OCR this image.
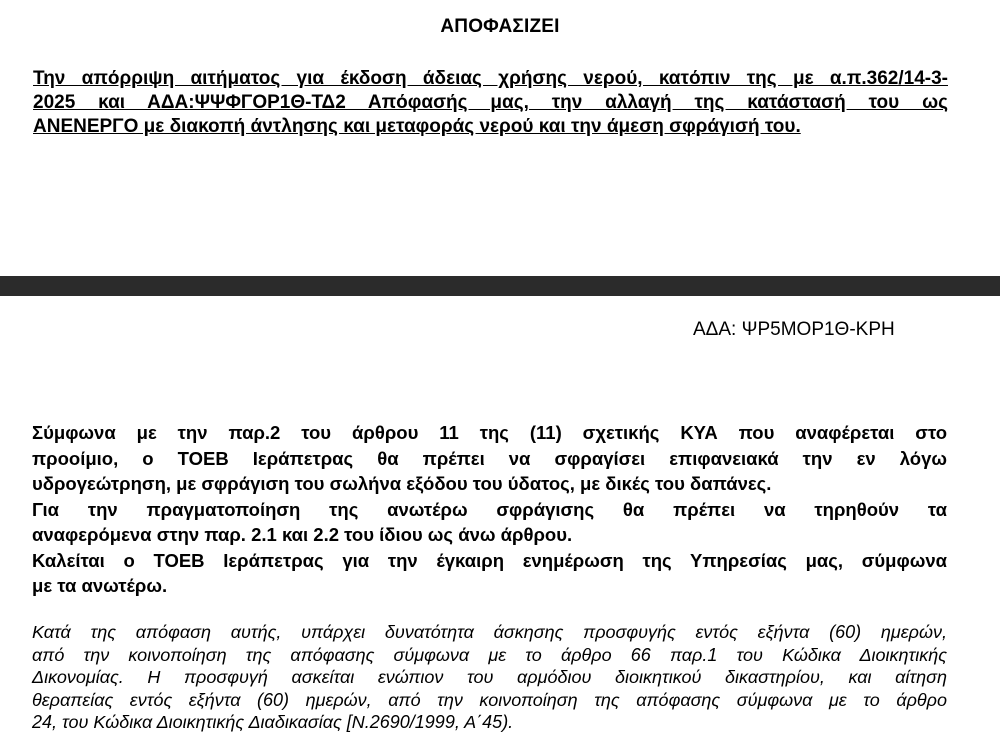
ΑΠΟΦΑΣΙΖΕΙ
Την απόρριψη αιτήματος για έκδοση άδειας χρήσης νερού, κατόπιν της με α.π.362/14-3-
2025 και ΑΔΑ:ΨΨΦΓΟΡ1Θ-ΤΔ2 Απόφασής μας, την αλλαγή της κατάστασή του ως
ΑΝΕΝΕΡΓΟ με διακοπή άντλησης και μεταφοράς νερού και την άμεση σφράγισή του.
ΑΔΑ: ΨΡ5ΜΟΡ1Θ-ΚΡΗ
Σύμφωνα με την παρ.2 του άρθρου 11 της (11) σχετικής ΚΥΑ που αναφέρεται στο
προοίμιο, ο ΤΟΕΒ Ιεράπετρας θα πρέπει να σφραγίσει επιφανειακά την εν λόγω
υδρογεώτρηση, με σφράγιση του σωλήνα εξόδου του ύδατος, με δικές του δαπάνες.
Για την πραγματοποίηση της ανωτέρω σφράγισης θα πρέπει να τηρηθούν τα
αναφερόμενα στην παρ. 2.1 και 2.2 του ίδιου ως άνω άρθρου.
Καλείται ο ΤΟΕΒ Ιεράπετρας για την έγκαιρη ενημέρωση της Υπηρεσίας μας, σύμφωνα
με τα ανωτέρω.
Κατά της απόφαση αυτής, υπάρχει δυνατότητα άσκησης προσφυγής εντός εξήντα (60) ημερών,
από την κοινοποίηση της απόφασης σύμφωνα με το άρθρο 66 παρ.1 του Κώδικα Διοικητικής
Δικονομίας. Η προσφυγή ασκείται ενώπιον του αρμόδιου διοικητικού δικαστηρίου, και αίτηση
θεραπείας εντός εξήντα (60) ημερών, από την κοινοποίηση της απόφασης σύμφωνα με το άρθρο
24, του Κώδικα Διοικητικής Διαδικασίας [Ν.2690/1999, Α΄45).
